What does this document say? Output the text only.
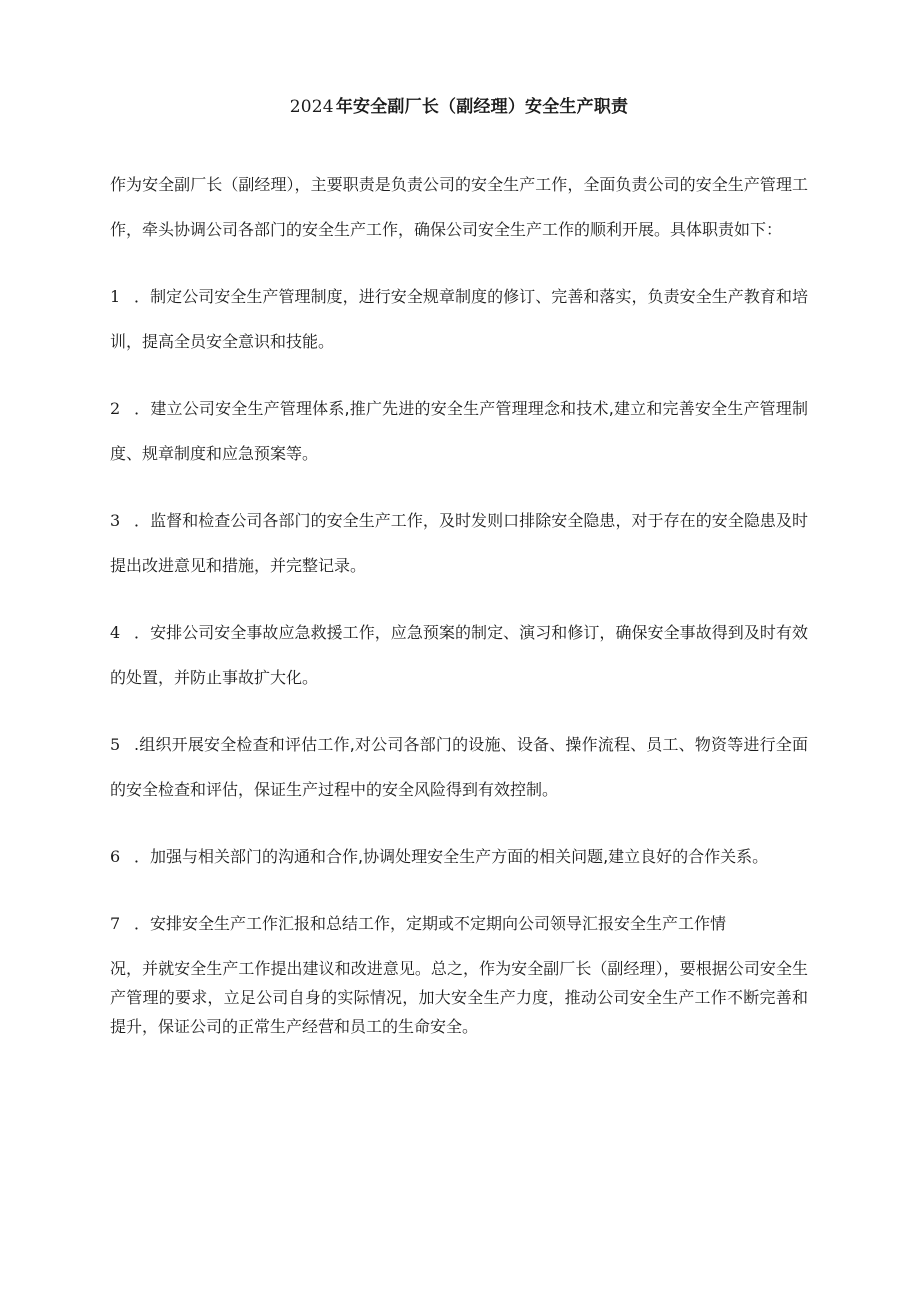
2024 年安全副厂长（副经理）安全生产职责

作为安全副厂长（副经理），主要职责是负责公司的安全生产工作，全面负责公司的安全生产管理工作，牵头协调公司各部门的安全生产工作，确保公司安全生产工作的顺利开展。具体职责如下：

1 ．制定公司安全生产管理制度，进行安全规章制度的修订、完善和落实，负责安全生产教育和培训，提高全员安全意识和技能。

2 ．建立公司安全生产管理体系,推广先进的安全生产管理理念和技术,建立和完善安全生产管理制度、规章制度和应急预案等。

3 ．监督和检查公司各部门的安全生产工作，及时发则口排除安全隐患，对于存在的安全隐患及时提出改进意见和措施，并完整记录。

4 ．安排公司安全事故应急救援工作，应急预案的制定、演习和修订，确保安全事故得到及时有效的处置，并防止事故扩大化。

5 .组织开展安全检查和评估工作,对公司各部门的设施、设备、操作流程、员工、物资等进行全面的安全检查和评估，保证生产过程中的安全风险得到有效控制。

6 ．加强与相关部门的沟通和合作,协调处理安全生产方面的相关问题,建立良好的合作关系。

7 ．安排安全生产工作汇报和总结工作，定期或不定期向公司领导汇报安全生产工作情

况，并就安全生产工作提出建议和改进意见。总之，作为安全副厂长（副经理），要根据公司安全生产管理的要求，立足公司自身的实际情况，加大安全生产力度，推动公司安全生产工作不断完善和提升，保证公司的正常生产经营和员工的生命安全。
